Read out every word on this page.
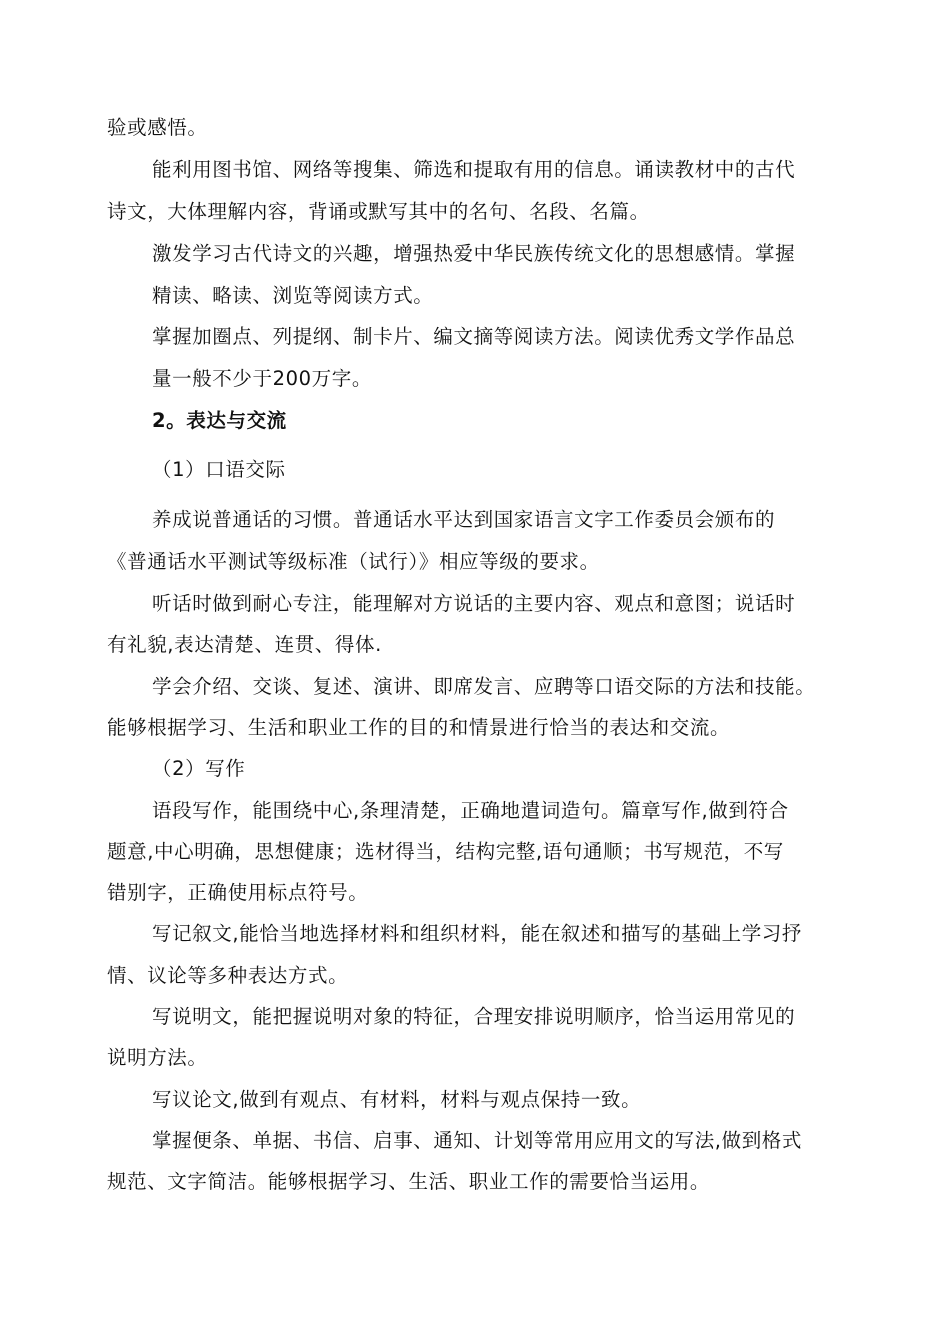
验或感悟。
能利用图书馆、网络等搜集、筛选和提取有用的信息。诵读教材中的古代
诗文，大体理解内容，背诵或默写其中的名句、名段、名篇。
激发学习古代诗文的兴趣，增强热爱中华民族传统文化的思想感情。掌握
精读、略读、浏览等阅读方式。
掌握加圈点、列提纲、制卡片、编文摘等阅读方法。阅读优秀文学作品总
量一般不少于200万字。
2。表达与交流
（1）口语交际
养成说普通话的习惯。普通话水平达到国家语言文字工作委员会颁布的
《普通话水平测试等级标准（试行）》相应等级的要求。
听话时做到耐心专注，能理解对方说话的主要内容、观点和意图；说话时
有礼貌,表达清楚、连贯、得体.
学会介绍、交谈、复述、演讲、即席发言、应聘等口语交际的方法和技能。
能够根据学习、生活和职业工作的目的和情景进行恰当的表达和交流。
（2）写作
语段写作，能围绕中心,条理清楚，正确地遣词造句。篇章写作,做到符合
题意,中心明确，思想健康；选材得当，结构完整,语句通顺；书写规范，不写
错别字，正确使用标点符号。
写记叙文,能恰当地选择材料和组织材料，能在叙述和描写的基础上学习抒
情、议论等多种表达方式。
写说明文，能把握说明对象的特征，合理安排说明顺序，恰当运用常见的
说明方法。
写议论文,做到有观点、有材料，材料与观点保持一致。
掌握便条、单据、书信、启事、通知、计划等常用应用文的写法,做到格式
规范、文字简洁。能够根据学习、生活、职业工作的需要恰当运用。
